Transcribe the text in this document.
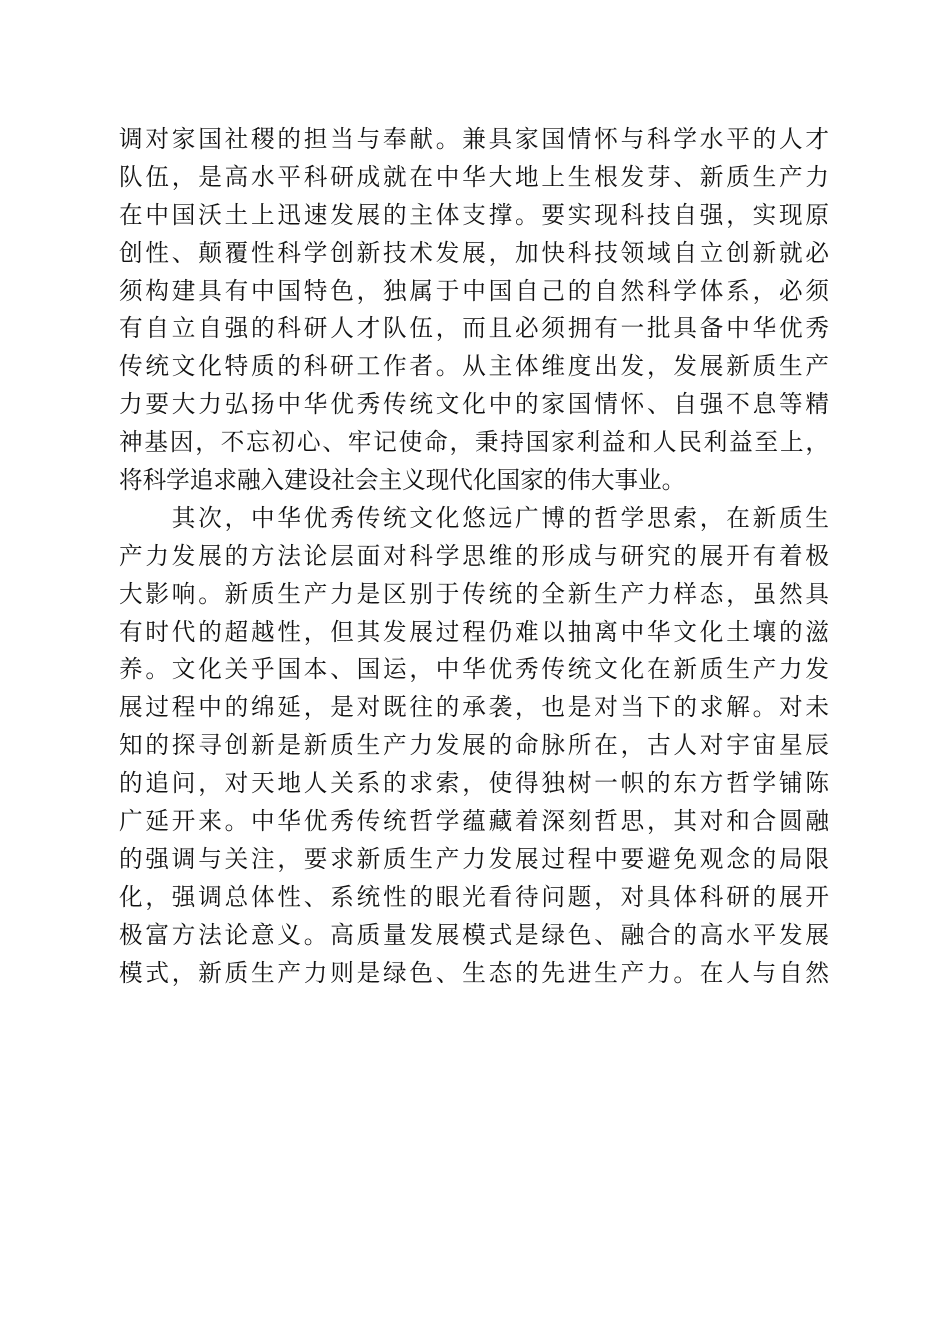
调对家国社稷的担当与奉献。兼具家国情怀与科学水平的人才
队伍，是高水平科研成就在中华大地上生根发芽、新质生产力
在中国沃土上迅速发展的主体支撑。要实现科技自强，实现原
创性、颠覆性科学创新技术发展，加快科技领域自立创新就必
须构建具有中国特色，独属于中国自己的自然科学体系，必须
有自立自强的科研人才队伍，而且必须拥有一批具备中华优秀
传统文化特质的科研工作者。从主体维度出发，发展新质生产
力要大力弘扬中华优秀传统文化中的家国情怀、自强不息等精
神基因，不忘初心、牢记使命，秉持国家利益和人民利益至上，
将科学追求融入建设社会主义现代化国家的伟大事业。
　　其次，中华优秀传统文化悠远广博的哲学思索，在新质生
产力发展的方法论层面对科学思维的形成与研究的展开有着极
大影响。新质生产力是区别于传统的全新生产力样态，虽然具
有时代的超越性，但其发展过程仍难以抽离中华文化土壤的滋
养。文化关乎国本、国运，中华优秀传统文化在新质生产力发
展过程中的绵延，是对既往的承袭，也是对当下的求解。对未
知的探寻创新是新质生产力发展的命脉所在，古人对宇宙星辰
的追问，对天地人关系的求索，使得独树一帜的东方哲学铺陈
广延开来。中华优秀传统哲学蕴藏着深刻哲思，其对和合圆融
的强调与关注，要求新质生产力发展过程中要避免观念的局限
化，强调总体性、系统性的眼光看待问题，对具体科研的展开
极富方法论意义。高质量发展模式是绿色、融合的高水平发展
模式，新质生产力则是绿色、生态的先进生产力。在人与自然
